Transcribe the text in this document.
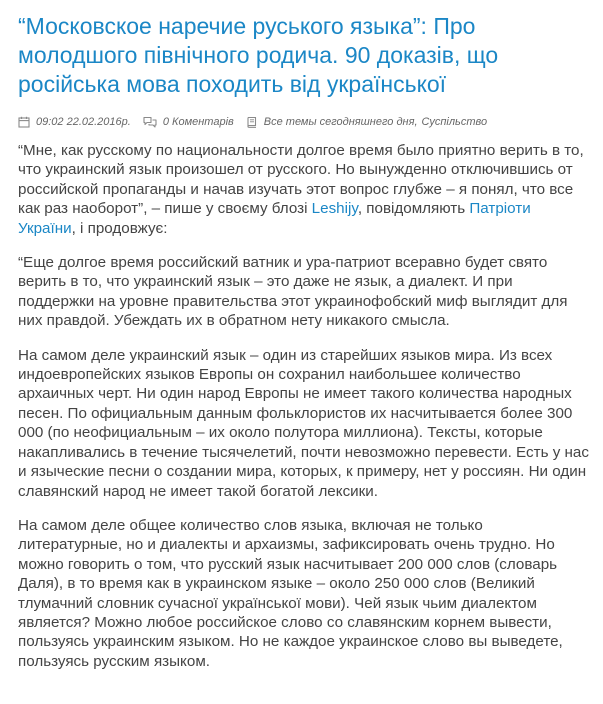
“Московское наречие руського языка”: Про молодшого північного родича. 90 доказів, що російська мова походить від української
09:02 22.02.2016р.	0 Коментарів	Все темы сегодняшнего дня , Суспільство

“Мне, как русскому по национальности долгое время было приятно верить в то, что украинский язык произошел от русского. Но вынужденно отключившись от российской пропаганды и начав изучать этот вопрос глубже – я понял, что все как раз наоборот”, – пише у своєму блозі Leshijy, повідомляють Патріоти України, і продовжує:

“Еще долгое время российский ватник и ура-патриот всеравно будет свято верить в то, что украинский язык – это даже не язык, а диалект. И при поддержки на уровне правительства этот украинофобский миф выглядит для них правдой. Убеждать их в обратном нету никакого смысла.

На самом деле украинский язык – один из старейших языков мира. Из всех индоевропейских языков Европы он сохранил наибольшее количество архаичных черт. Ни один народ Европы не имеет такого количества народных песен. По официальным данным фольклористов их насчитывается более 300 000 (по неофициальным – их около полутора миллиона). Тексты, которые накапливались в течение тысячелетий, почти невозможно перевести. Есть у нас и языческие песни о создании мира, которых, к примеру, нет у россиян. Ни один славянский народ не имеет такой богатой лексики.

На самом деле общее количество слов языка, включая не только литературные, но и диалекты и архаизмы, зафиксировать очень трудно. Но можно говорить о том, что русский язык насчитывает 200 000 слов (словарь Даля), в то время как в украинском языке – около 250 000 слов (Великий тлумачний словник сучасної української мови). Чей язык чьим диалектом является? Можно любое российское слово со славянским корнем вывести, пользуясь украинским языком. Но не каждое украинское слово вы выведете, пользуясь русским языком.
